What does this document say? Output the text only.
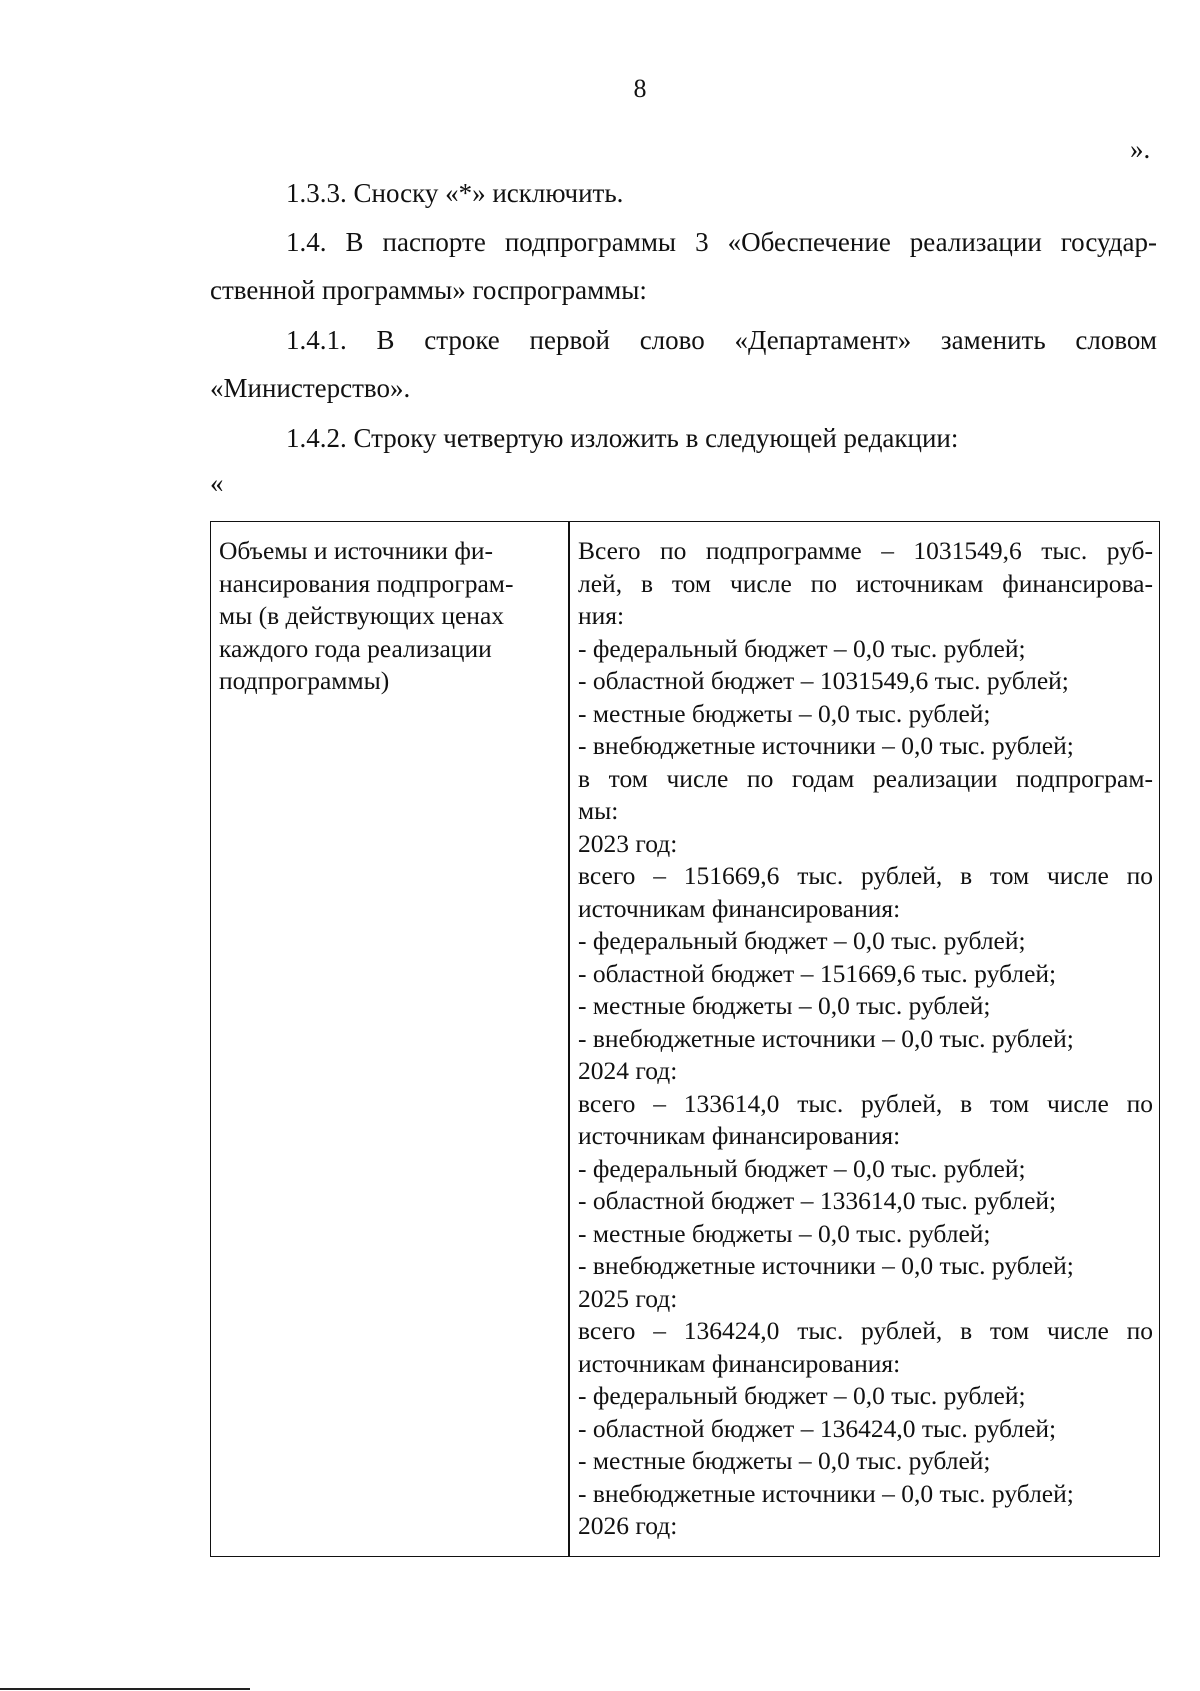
8
».

1.3.3. Сноску «*» исключить.

1.4. В паспорте подпрограммы 3 «Обеспечение реализации государ-
ственной программы» госпрограммы:
1.4.1. В строке первой слово «Департамент» заменить словом
«Министерство».

1.4.2. Строку четвертую изложить в следующей редакции:

«
Объемы и источники фи-
нансирования подпрограм-
мы (в действующих ценах
каждого года реализации
подпрограммы)
Всего по подпрограмме – 1031549,6 тыс. руб-
лей, в том числе по источникам финансирова-
ния:
- федеральный бюджет – 0,0 тыс. рублей;
- областной бюджет – 1031549,6 тыс. рублей;
- местные бюджеты – 0,0 тыс. рублей;
- внебюджетные источники – 0,0 тыс. рублей;
в том числе по годам реализации подпрограм-
мы:
2023 год:
всего – 151669,6 тыс. рублей, в том числе по
источникам финансирования:
- федеральный бюджет – 0,0 тыс. рублей;
- областной бюджет – 151669,6 тыс. рублей;
- местные бюджеты – 0,0 тыс. рублей;
- внебюджетные источники – 0,0 тыс. рублей;
2024 год:
всего – 133614,0 тыс. рублей, в том числе по
источникам финансирования:
- федеральный бюджет – 0,0 тыс. рублей;
- областной бюджет – 133614,0 тыс. рублей;
- местные бюджеты – 0,0 тыс. рублей;
- внебюджетные источники – 0,0 тыс. рублей;
2025 год:
всего – 136424,0 тыс. рублей, в том числе по
источникам финансирования:
- федеральный бюджет – 0,0 тыс. рублей;
- областной бюджет – 136424,0 тыс. рублей;
- местные бюджеты – 0,0 тыс. рублей;
- внебюджетные источники – 0,0 тыс. рублей;
2026 год:
